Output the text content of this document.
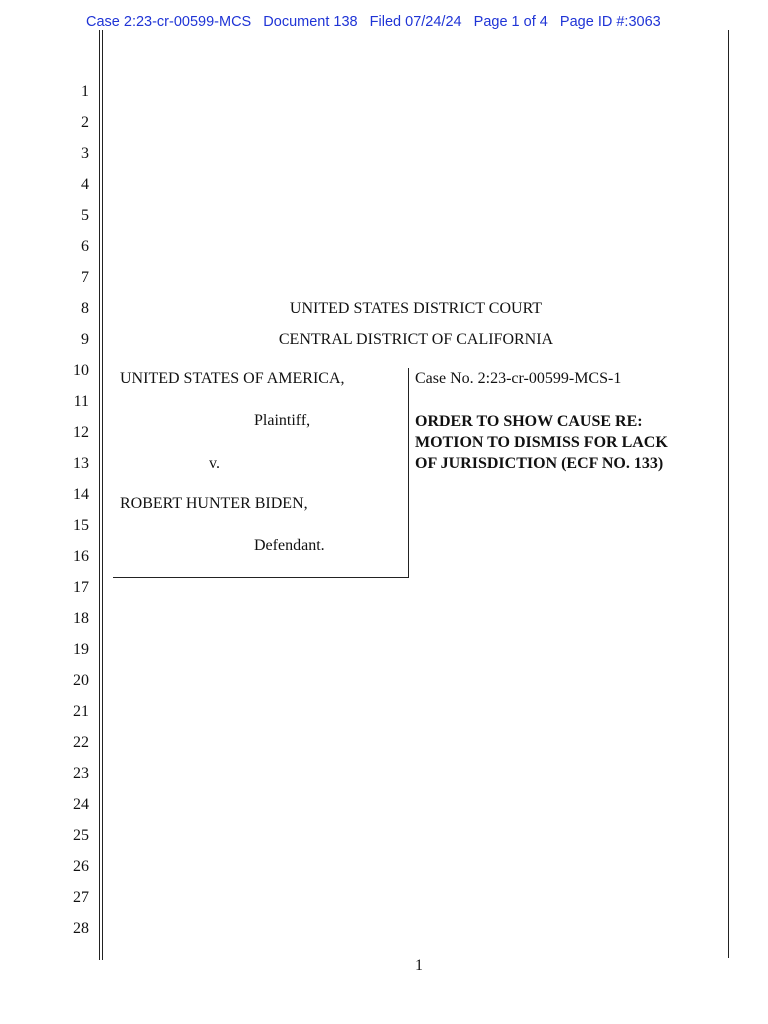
Case 2:23-cr-00599-MCS   Document 138   Filed 07/24/24   Page 1 of 4   Page ID #:3063
1
2
3
4
5
6
7
8
9
10
11
12
13
14
15
16
17
18
19
20
21
22
23
24
25
26
27
28
UNITED STATES DISTRICT COURT
CENTRAL DISTRICT OF CALIFORNIA
UNITED STATES OF AMERICA,
Plaintiff,
v.
ROBERT HUNTER BIDEN,
Defendant.
Case No. 2:23-cr-00599-MCS-1
ORDER TO SHOW CAUSE RE:
MOTION TO DISMISS FOR LACK
OF JURISDICTION (ECF NO. 133)
1
